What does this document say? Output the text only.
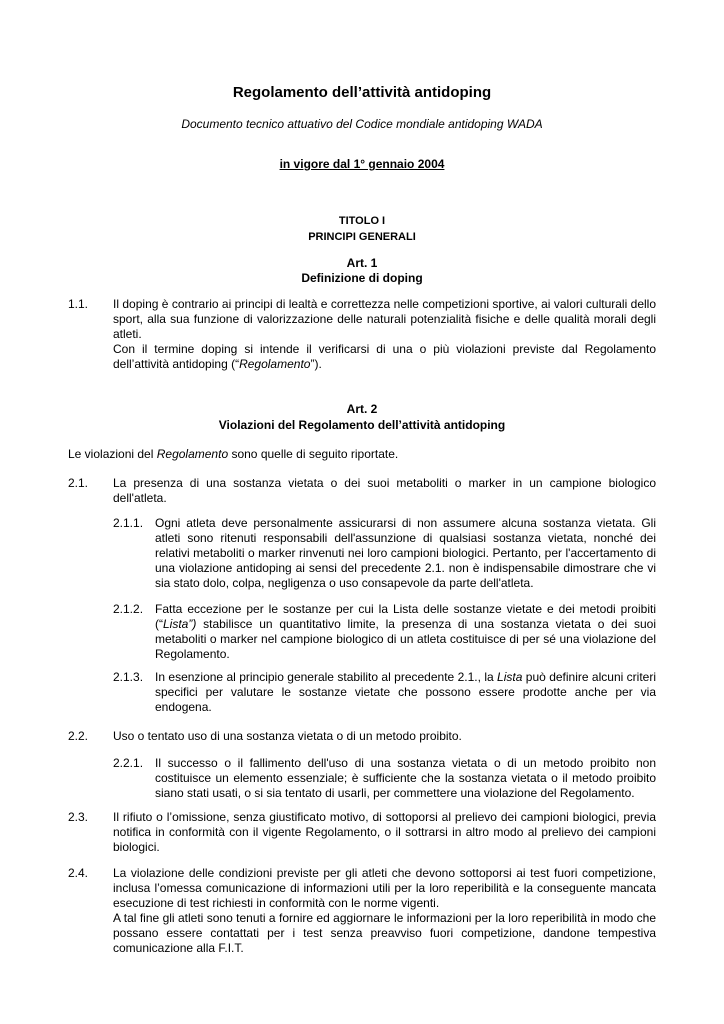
Regolamento dell’attività antidoping
Documento tecnico attuativo del Codice mondiale antidoping WADA
in vigore dal 1° gennaio 2004
TITOLO I
PRINCIPI GENERALI
Art. 1
Definizione di doping
1.1. Il doping è contrario ai principi di lealtà e correttezza nelle competizioni sportive, ai valori culturali dello sport, alla sua funzione di valorizzazione delle naturali potenzialità fisiche e delle qualità morali degli atleti.

Con il termine doping si intende il verificarsi di una o più violazioni previste dal Regolamento dell’attività antidoping (“Regolamento”).

Art. 2
Violazioni del Regolamento dell’attività antidoping
Le violazioni del Regolamento sono quelle di seguito riportate.
2.1. La presenza di una sostanza vietata o dei suoi metaboliti o marker in un campione biologico dell'atleta.
2.1.1. Ogni atleta deve personalmente assicurarsi di non assumere alcuna sostanza vietata. Gli atleti sono ritenuti responsabili dell'assunzione di qualsiasi sostanza vietata, nonché dei relativi metaboliti o marker rinvenuti nei loro campioni biologici. Pertanto, per l'accertamento di una violazione antidoping ai sensi del precedente 2.1. non è indispensabile dimostrare che vi sia stato dolo, colpa, negligenza o uso consapevole da parte dell'atleta.
2.1.2. Fatta eccezione per le sostanze per cui la Lista delle sostanze vietate e dei metodi proibiti (“Lista”) stabilisce un quantitativo limite, la presenza di una sostanza vietata o dei suoi metaboliti o marker nel campione biologico di un atleta costituisce di per sé una violazione del Regolamento.
2.1.3. In esenzione al principio generale stabilito al precedente 2.1., la Lista può definire alcuni criteri specifici per valutare le sostanze vietate che possono essere prodotte anche per via endogena.
2.2. Uso o tentato uso di una sostanza vietata o di un metodo proibito.
2.2.1. Il successo o il fallimento dell'uso di una sostanza vietata o di un metodo proibito non costituisce un elemento essenziale; è sufficiente che la sostanza vietata o il metodo proibito siano stati usati, o si sia tentato di usarli, per commettere una violazione del Regolamento.
2.3. Il rifiuto o l’omissione, senza giustificato motivo, di sottoporsi al prelievo dei campioni biologici, previa notifica in conformità con il vigente Regolamento, o il sottrarsi in altro modo al prelievo dei campioni biologici.
2.4. La violazione delle condizioni previste per gli atleti che devono sottoporsi ai test fuori competizione, inclusa l’omessa comunicazione di informazioni utili per la loro reperibilità e la conseguente mancata esecuzione di test richiesti in conformità con le norme vigenti.

A tal fine gli atleti sono tenuti a fornire ed aggiornare le informazioni per la loro reperibilità in modo che possano essere contattati per i test senza preavviso fuori competizione, dandone tempestiva comunicazione alla F.I.T.
